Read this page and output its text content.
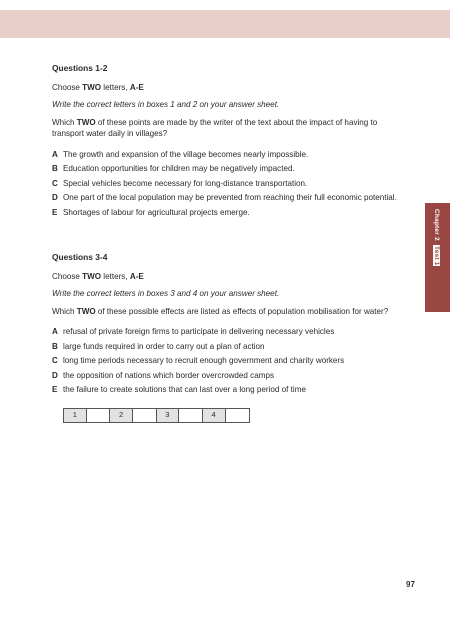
Questions 1-2
Choose TWO letters, A-E
Write the correct letters in boxes 1 and 2 on your answer sheet.
Which TWO of these points are made by the writer of the text about the impact of having to transport water daily in villages?
A The growth and expansion of the village becomes nearly impossible.
B Education opportunities for children may be negatively impacted.
C Special vehicles become necessary for long-distance transportation.
D One part of the local population may be prevented from reaching their full economic potential.
E Shortages of labour for agricultural projects emerge.
Questions 3-4
Choose TWO letters, A-E
Write the correct letters in boxes 3 and 4 on your answer sheet.
Which TWO of these possible effects are listed as effects of population mobilisation for water?
A refusal of private foreign firms to participate in delivering necessary vehicles
B large funds required in order to carry out a plan of action
C long time periods necessary to recruit enough government and charity workers
D the opposition of nations which border overcrowded camps
E the failure to create solutions that can last over a long period of time
1	2	3	4
Chapter 2 Test 1
97
